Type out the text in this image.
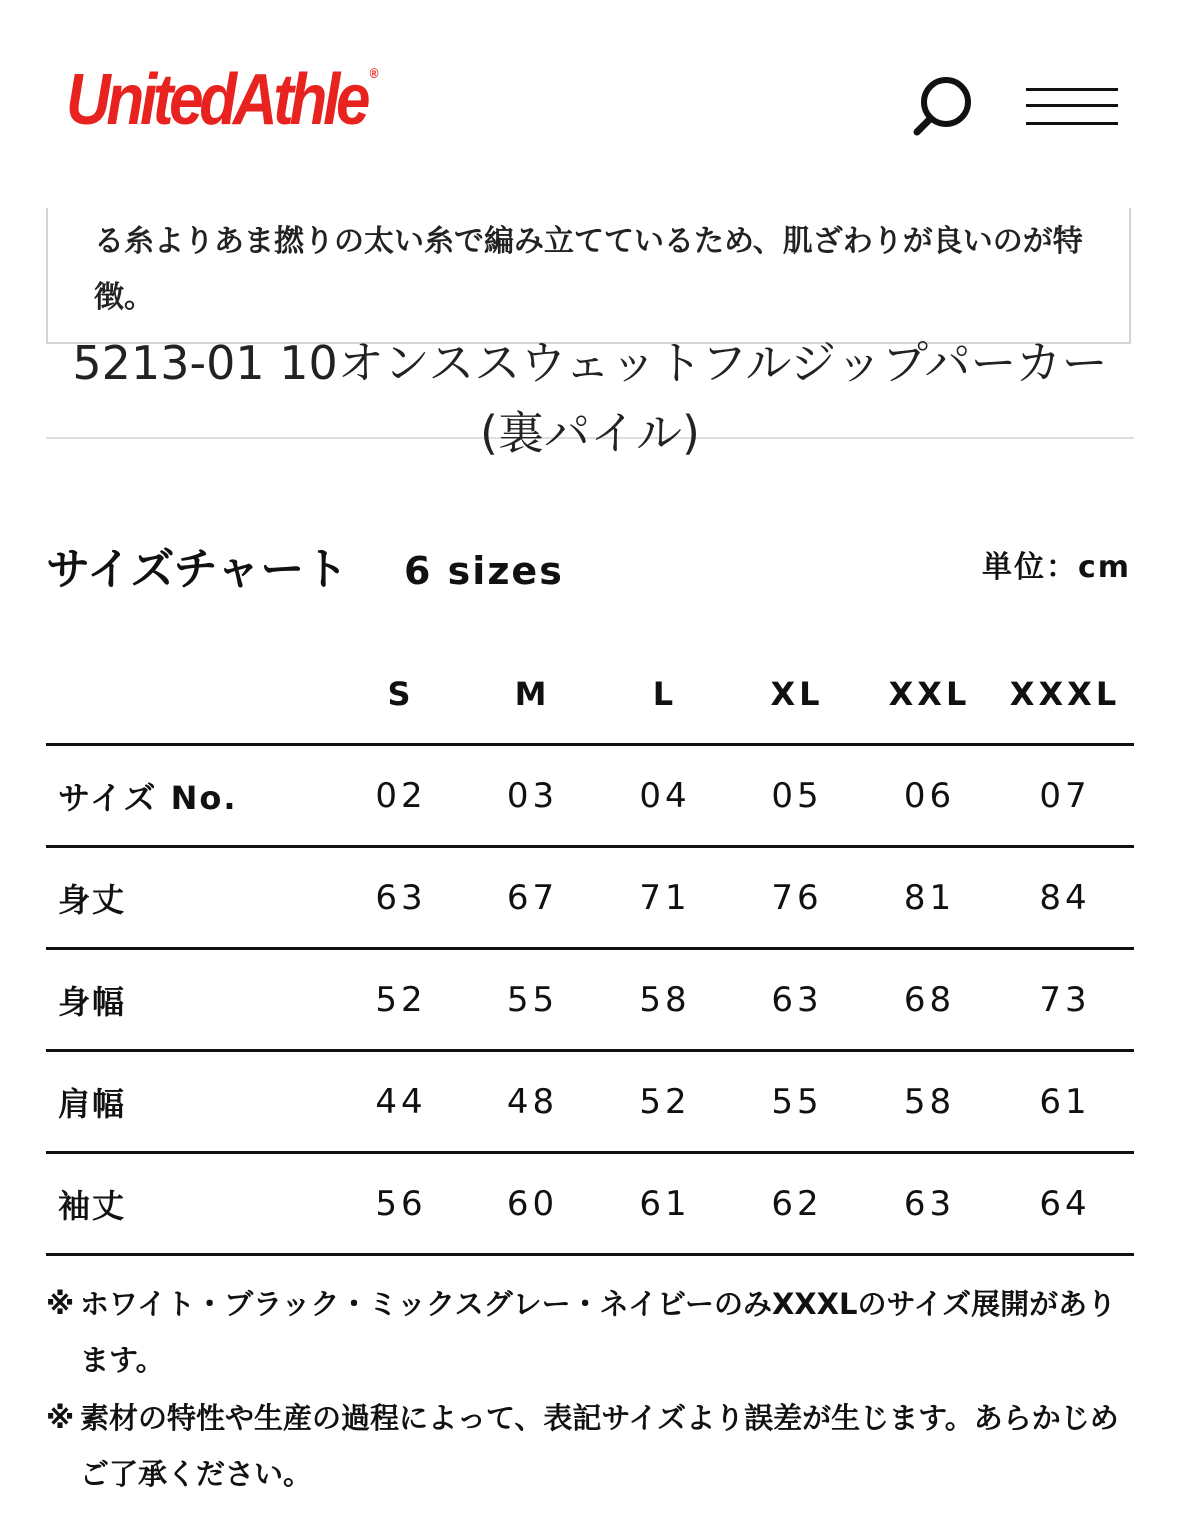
UnitedAthle ®

る糸よりあま撚りの太い糸で編み立てているため、肌ざわりが良いのが特徴。

5213-01 10オンススウェットフルジップパーカー(裏パイル)
サイズチャート 6 sizes	単位：cm
	S	M	L	XL	XXL	XXXL
サイズ No.	02	03	04	05	06	07
身丈	63	67	71	76	81	84
身幅	52	55	58	63	68	73
肩幅	44	48	52	55	58	61
袖丈	56	60	61	62	63	64

※ ホワイト・ブラック・ミックスグレー・ネイビーのみXXXLのサイズ展開があります。

※ 素材の特性や生産の過程によって、表記サイズより誤差が生じます。あらかじめご了承ください。
